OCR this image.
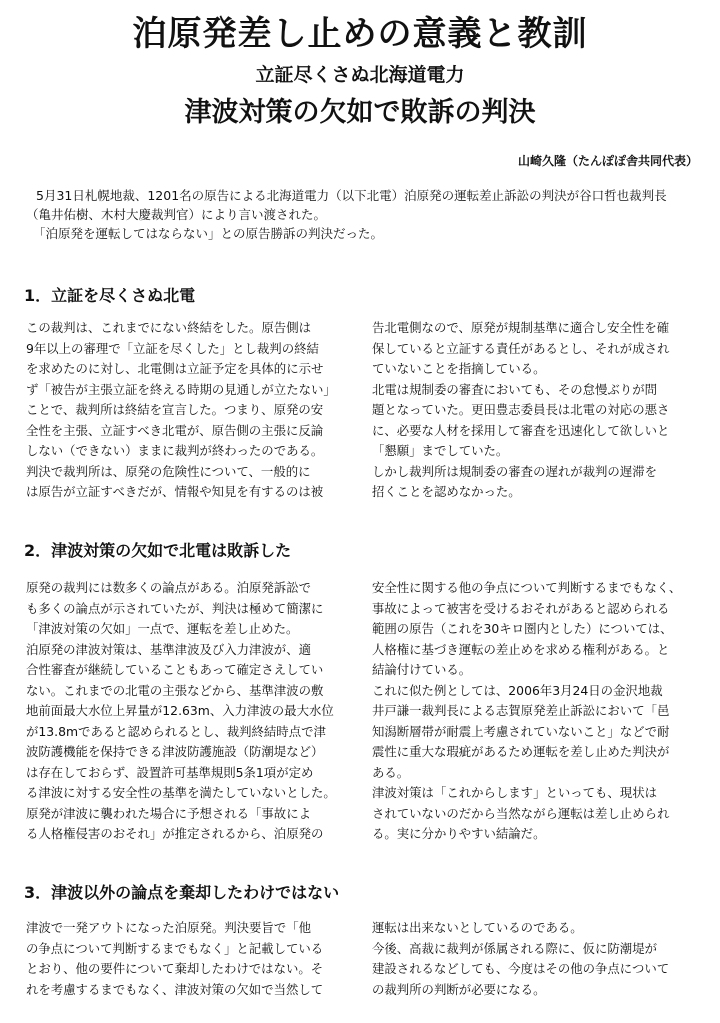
泊原発差し止めの意義と教訓
立証尽くさぬ北海道電力
津波対策の欠如で敗訴の判決
山崎久隆（たんぽぽ舎共同代表）
5月31日札幌地裁、1201名の原告による北海道電力（以下北電）泊原発の運転差止訴訟の判決が谷口哲也裁判長
（亀井佑樹、木村大慶裁判官）により言い渡された。
「泊原発を運転してはならない」との原告勝訴の判決だった。
1．立証を尽くさぬ北電
この裁判は、これまでにない終結をした。原告側は
9年以上の審理で「立証を尽くした」とし裁判の終結
を求めたのに対し、北電側は立証予定を具体的に示せ
ず「被告が主張立証を終える時期の見通しが立たない」
ことで、裁判所は終結を宣言した。つまり、原発の安
全性を主張、立証すべき北電が、原告側の主張に反論
しない（できない）ままに裁判が終わったのである。
判決で裁判所は、原発の危険性について、一般的に
は原告が立証すべきだが、情報や知見を有するのは被
告北電側なので、原発が規制基準に適合し安全性を確
保していると立証する責任があるとし、それが成され
ていないことを指摘している。
北電は規制委の審査においても、その怠慢ぶりが問
題となっていた。更田豊志委員長は北電の対応の悪さ
に、必要な人材を採用して審査を迅速化して欲しいと
「懇願」までしていた。
しかし裁判所は規制委の審査の遅れが裁判の遅滞を
招くことを認めなかった。
2．津波対策の欠如で北電は敗訴した
原発の裁判には数多くの論点がある。泊原発訴訟で
も多くの論点が示されていたが、判決は極めて簡潔に
「津波対策の欠如」一点で、運転を差し止めた。
泊原発の津波対策は、基準津波及び入力津波が、適
合性審査が継続していることもあって確定さえしてい
ない。これまでの北電の主張などから、基準津波の敷
地前面最大水位上昇量が12.63m、入力津波の最大水位
が13.8mであると認められるとし、裁判終結時点で津
波防護機能を保持できる津波防護施設（防潮堤など）
は存在しておらず、設置許可基準規則5条1項が定め
る津波に対する安全性の基準を満たしていないとした。
原発が津波に襲われた場合に予想される「事故によ
る人格権侵害のおそれ」が推定されるから、泊原発の
安全性に関する他の争点について判断するまでもなく、
事故によって被害を受けるおそれがあると認められる
範囲の原告（これを30キロ圏内とした）については、
人格権に基づき運転の差止めを求める権利がある。と
結論付けている。
これに似た例としては、2006年3月24日の金沢地裁
井戸謙一裁判長による志賀原発差止訴訟において「邑
知潟断層帯が耐震上考慮されていないこと」などで耐
震性に重大な瑕疵があるため運転を差し止めた判決が
ある。
津波対策は「これからします」といっても、現状は
されていないのだから当然ながら運転は差し止められ
る。実に分かりやすい結論だ。
3．津波以外の論点を棄却したわけではない
津波で一発アウトになった泊原発。判決要旨で「他
の争点について判断するまでもなく」と記載している
とおり、他の要件について棄却したわけではない。そ
れを考慮するまでもなく、津波対策の欠如で当然して
運転は出来ないとしているのである。
今後、高裁に裁判が係属される際に、仮に防潮堤が
建設されるなどしても、今度はその他の争点について
の裁判所の判断が必要になる。
